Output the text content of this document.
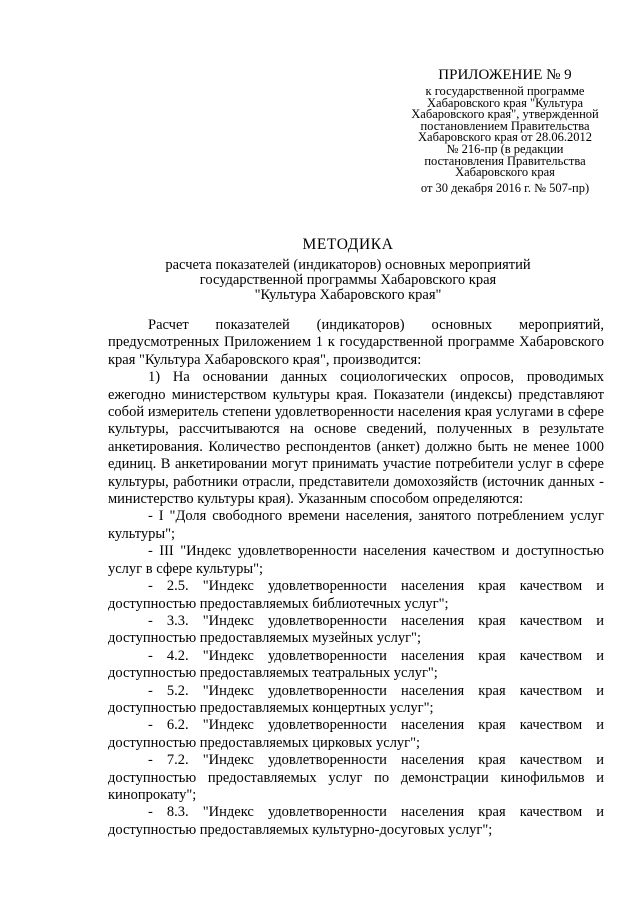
ПРИЛОЖЕНИЕ № 9
к государственной программе
Хабаровского края "Культура
Хабаровского края", утвержденной
постановлением Правительства
Хабаровского края от 28.06.2012
№ 216-пр (в редакции
постановления Правительства
Хабаровского края
от 30 декабря 2016 г. № 507-пр)
МЕТОДИКА
расчета показателей (индикаторов) основных мероприятий
государственной программы Хабаровского края
"Культура Хабаровского края"

Расчет показателей (индикаторов) основных мероприятий, предусмотренных Приложением 1 к государственной программе Хабаровского края "Культура Хабаровского края", производится:

1) На основании данных социологических опросов, проводимых ежегодно министерством культуры края. Показатели (индексы) представляют собой измеритель степени удовлетворенности населения края услугами в сфере культуры, рассчитываются на основе сведений, полученных в результате анкетирования. Количество респондентов (анкет) должно быть не менее 1000 единиц. В анкетировании могут принимать участие потребители услуг в сфере культуры, работники отрасли, представители домохозяйств (источник данных - министерство культуры края). Указанным способом определяются:

- I "Доля свободного времени населения, занятого потреблением услуг культуры";

- III "Индекс удовлетворенности населения качеством и доступностью услуг в сфере культуры";

- 2.5. "Индекс удовлетворенности населения края качеством и доступностью предоставляемых библиотечных услуг";

- 3.3. "Индекс удовлетворенности населения края качеством и доступностью предоставляемых музейных услуг";

- 4.2. "Индекс удовлетворенности населения края качеством и доступностью предоставляемых театральных услуг";

- 5.2. "Индекс удовлетворенности населения края качеством и доступностью предоставляемых концертных услуг";

- 6.2. "Индекс удовлетворенности населения края качеством и доступностью предоставляемых цирковых услуг";

- 7.2. "Индекс удовлетворенности населения края качеством и доступностью предоставляемых услуг по демонстрации кинофильмов и кинопрокату";

- 8.3. "Индекс удовлетворенности населения края качеством и доступностью предоставляемых культурно-досуговых услуг";
